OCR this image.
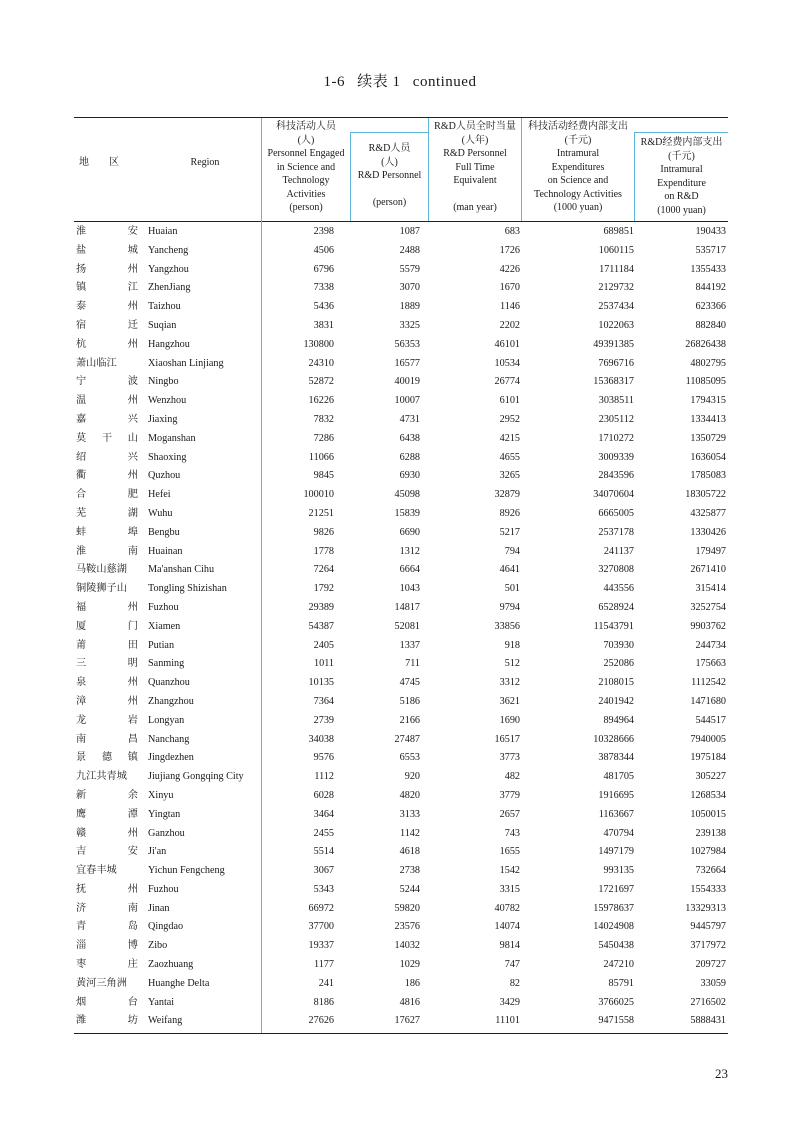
1-6 续表 1 continued
地　　区	Region
科技活动人员
(人)
Personnel Engaged
in Science and
Technology
Activities
(person)
R&D人员
(人)
R&D Personnel
(person)
R&D人员全时当量
(人年)
R&D Personnel
Full Time
Equivalent
(man year)
科技活动经费内部支出
(千元)
Intramural
Expenditures
on Science and
Technology Activities
(1000 yuan)
R&D经费内部支出
(千元)
Intramural
Expenditure
on R&D
(1000 yuan)
淮安 Huaian	2398	1087	683	689851	190433
盐城 Yancheng	4506	2488	1726	1060115	535717
扬州 Yangzhou	6796	5579	4226	1711184	1355433
镇江 ZhenJiang	7338	3070	1670	2129732	844192
泰州 Taizhou	5436	1889	1146	2537434	623366
宿迁 Suqian	3831	3325	2202	1022063	882840
杭州 Hangzhou	130800	56353	46101	49391385	26826438
萧山临江	Xiaoshan Linjiang	24310	16577	10534	7696716	4802795
宁波 Ningbo	52872	40019	26774	15368317	11085095
温州 Wenzhou	16226	10007	6101	3038511	1794315
嘉兴 Jiaxing	7832	4731	2952	2305112	1334413
莫干山 Moganshan	7286	6438	4215	1710272	1350729
绍兴 Shaoxing	11066	6288	4655	3009339	1636054
衢州 Quzhou	9845	6930	3265	2843596	1785083
合肥 Hefei	100010	45098	32879	34070604	18305722
芜湖 Wuhu	21251	15839	8926	6665005	4325877
蚌埠 Bengbu	9826	6690	5217	2537178	1330426
淮南 Huainan	1778	1312	794	241137	179497
马鞍山慈湖	Ma'anshan Cihu	7264	6664	4641	3270808	2671410
铜陵狮子山	Tongling Shizishan	1792	1043	501	443556	315414
福州 Fuzhou	29389	14817	9794	6528924	3252754
厦门 Xiamen	54387	52081	33856	11543791	9903762
莆田 Putian	2405	1337	918	703930	244734
三明 Sanming	1011	711	512	252086	175663
泉州 Quanzhou	10135	4745	3312	2108015	1112542
漳州 Zhangzhou	7364	5186	3621	2401942	1471680
龙岩 Longyan	2739	2166	1690	894964	544517
南昌 Nanchang	34038	27487	16517	10328666	7940005
景德镇 Jingdezhen	9576	6553	3773	3878344	1975184
九江共青城	Jiujiang Gongqing City	1112	920	482	481705	305227
新余 Xinyu	6028	4820	3779	1916695	1268534
鹰潭 Yingtan	3464	3133	2657	1163667	1050015
赣州 Ganzhou	2455	1142	743	470794	239138
吉安 Ji'an	5514	4618	1655	1497179	1027984
宜春丰城	Yichun Fengcheng	3067	2738	1542	993135	732664
抚州 Fuzhou	5343	5244	3315	1721697	1554333
济南 Jinan	66972	59820	40782	15978637	13329313
青岛 Qingdao	37700	23576	14074	14024908	9445797
淄博 Zibo	19337	14032	9814	5450438	3717972
枣庄 Zaozhuang	1177	1029	747	247210	209727
黄河三角洲	Huanghe Delta	241	186	82	85791	33059
烟台 Yantai	8186	4816	3429	3766025	2716502
潍坊 Weifang	27626	17627	11101	9471558	5888431
23
